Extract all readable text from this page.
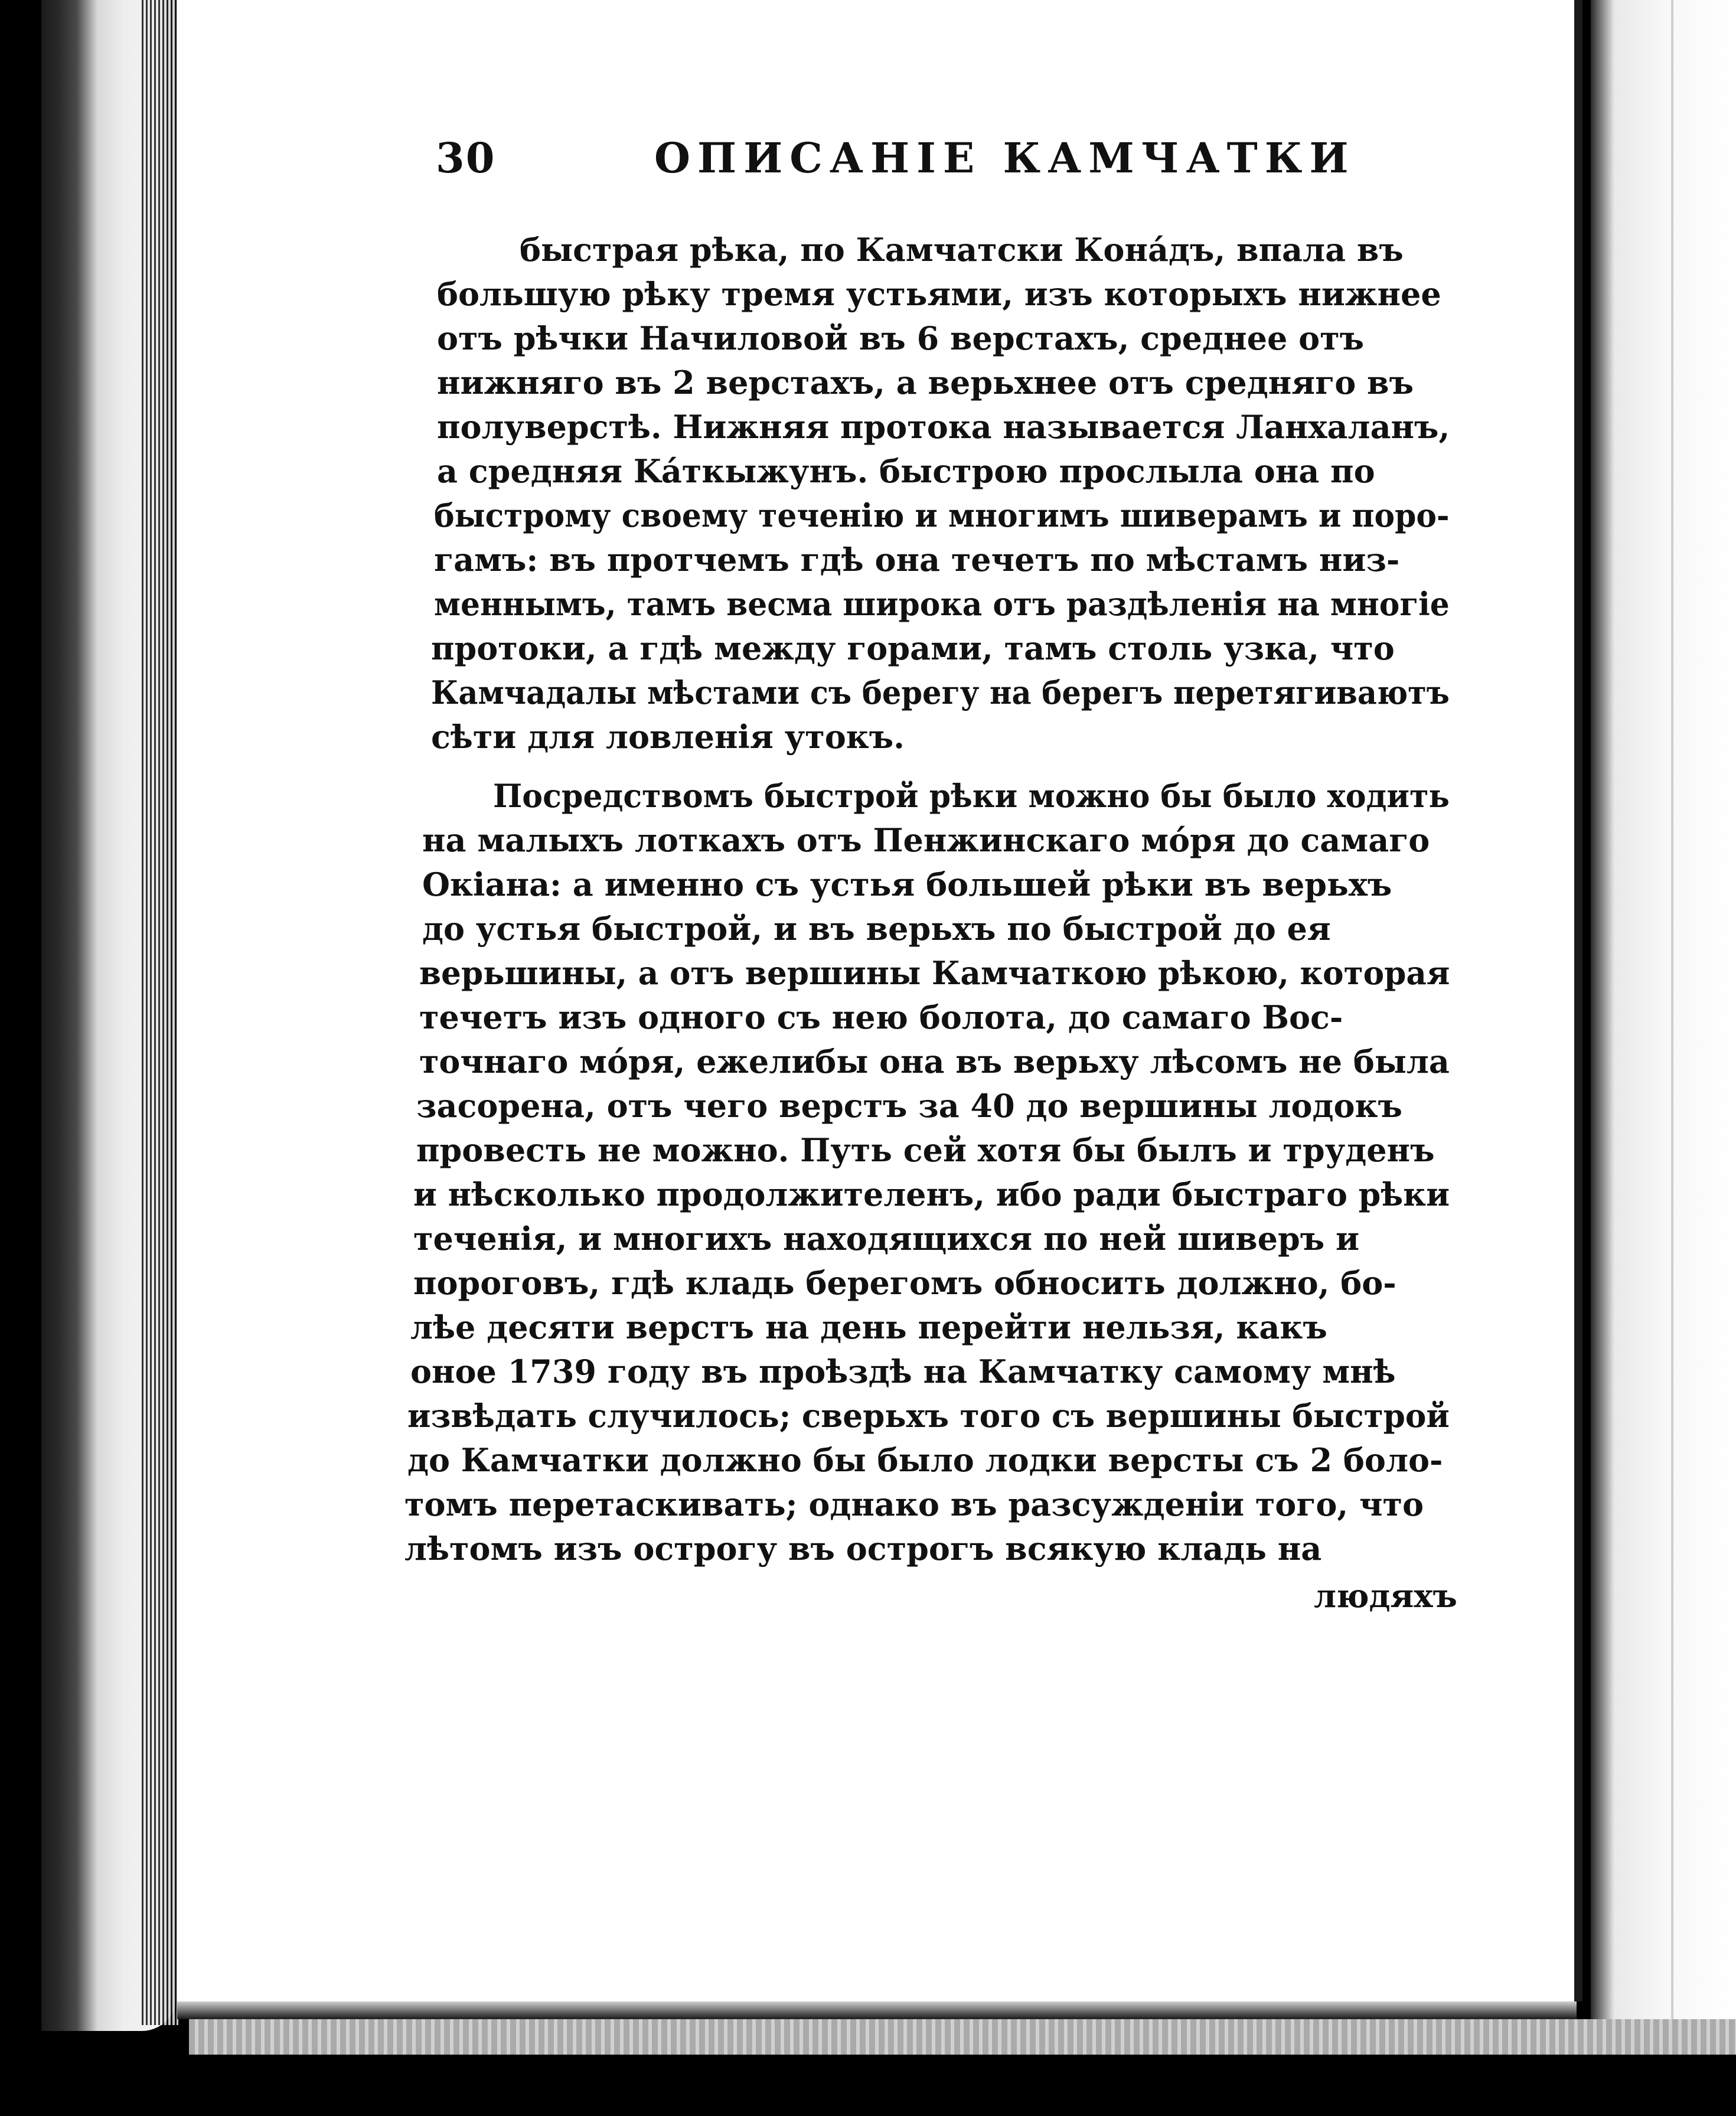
30	ОПИСАНIЕ КАМЧАТКИ
быстрая рѣка, по Камчатски Конáдъ, впала въ
большую рѣку тремя устьями, изъ которыхъ нижнее
отъ рѣчки Начиловой въ 6 верстахъ, среднее отъ
нижняго въ 2 верстахъ, а верьхнее отъ средняго въ
полуверстѣ. Нижняя протока называется Ланхаланъ,
а средняя Káткыжунъ. быстрою прослыла она по
быстрому своему теченiю и многимъ шиверамъ и поро-
гамъ: въ протчемъ гдѣ она течетъ по мѣстамъ низ-
меннымъ, тамъ весма широка отъ раздѣленiя на многiе
протоки, а гдѣ между горами, тамъ столь узка, что
Камчадалы мѣстами съ берегу на берегъ перетягиваютъ
сѣти для ловленiя утокъ.
Посредствомъ быстрой рѣки можно бы было ходить
на малыхъ лоткахъ отъ Пенжинскаго мóря до самаго
Окiана: а именно съ устья большей рѣки въ верьхъ
до устья быстрой, и въ верьхъ по быстрой до ея
верьшины, а отъ вершины Камчаткою рѣкою, которая
течетъ изъ одного съ нею болота, до самаго Вос-
точнаго мóря, ежелибы она въ верьху лѣсомъ не была
засорена, отъ чего верстъ за 40 до вершины лодокъ
провесть не можно. Путь сей хотя бы былъ и труденъ
и нѣсколько продолжителенъ, ибо ради быстраго рѣки
теченiя, и многихъ находящихся по ней шиверъ и
пороговъ, гдѣ кладь берегомъ обносить должно, бо-
лѣе десяти верстъ на день перейти нельзя, какъ
оное 1739 году въ проѣздѣ на Камчатку самому мнѣ
извѣдать случилось; сверьхъ того съ вершины быстрой
до Камчатки должно бы было лодки версты съ 2 боло-
томъ перетаскивать; однако въ разсужденiи того, что
лѣтомъ изъ острогу въ острогъ всякую кладь на
людяхъ
